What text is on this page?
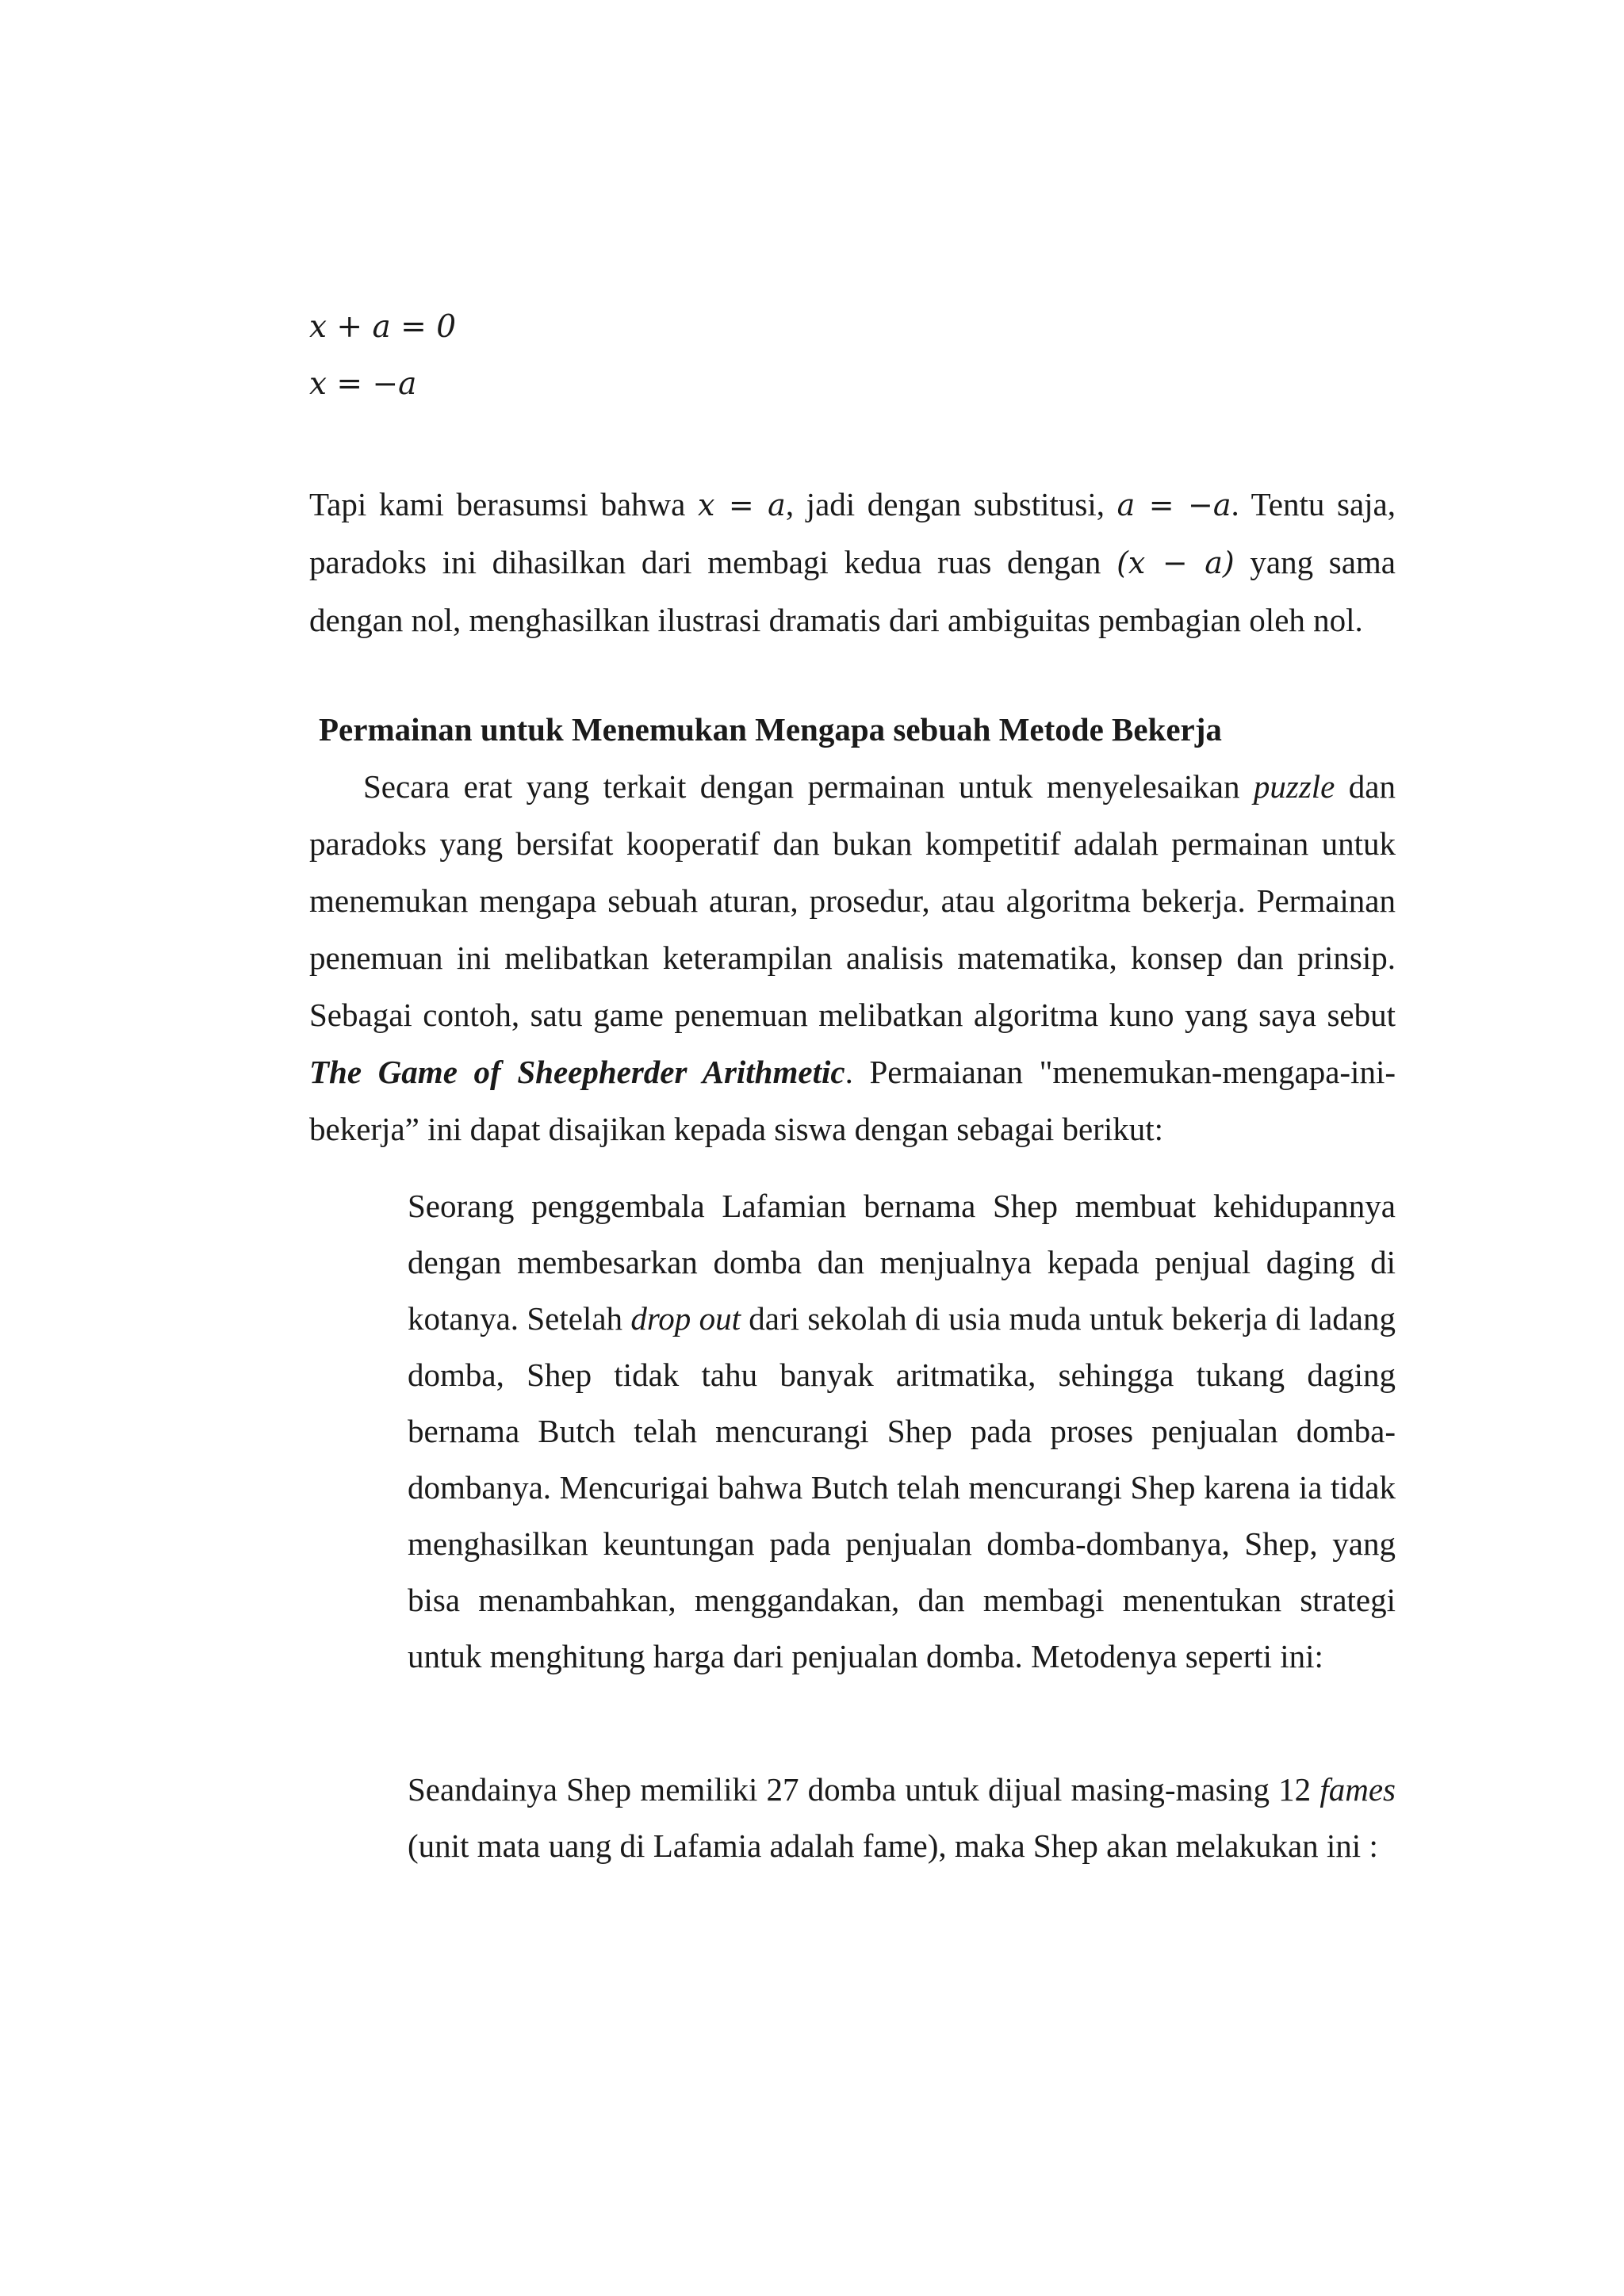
x + a = 0
x = −a

Tapi kami berasumsi bahwa x = a, jadi dengan substitusi, a = −a. Tentu saja, paradoks ini dihasilkan dari membagi kedua ruas dengan (x − a) yang sama dengan nol, menghasilkan ilustrasi dramatis dari ambiguitas pembagian oleh nol.

Permainan untuk Menemukan Mengapa sebuah Metode Bekerja

Secara erat yang terkait dengan permainan untuk menyelesaikan puzzle dan paradoks yang bersifat kooperatif dan bukan kompetitif adalah permainan untuk menemukan mengapa sebuah aturan, prosedur, atau algoritma bekerja. Permainan penemuan ini melibatkan keterampilan analisis matematika, konsep dan prinsip. Sebagai contoh, satu game penemuan melibatkan algoritma kuno yang saya sebut The Game of Sheepherder Arithmetic. Permaianan "menemukan-mengapa-ini-bekerja” ini dapat disajikan kepada siswa dengan sebagai berikut:

Seorang penggembala Lafamian bernama Shep membuat kehidupannya dengan membesarkan domba dan menjualnya kepada penjual daging di kotanya. Setelah drop out dari sekolah di usia muda untuk bekerja di ladang domba, Shep tidak tahu banyak aritmatika, sehingga tukang daging bernama Butch telah mencurangi Shep pada proses penjualan domba-dombanya. Mencurigai bahwa Butch telah mencurangi Shep karena ia tidak menghasilkan keuntungan pada penjualan domba-dombanya, Shep, yang bisa menambahkan, menggandakan, dan membagi menentukan strategi untuk menghitung harga dari penjualan domba. Metodenya seperti ini:

Seandainya Shep memiliki 27 domba untuk dijual masing-masing 12 fames (unit mata uang di Lafamia adalah fame), maka Shep akan melakukan ini :
